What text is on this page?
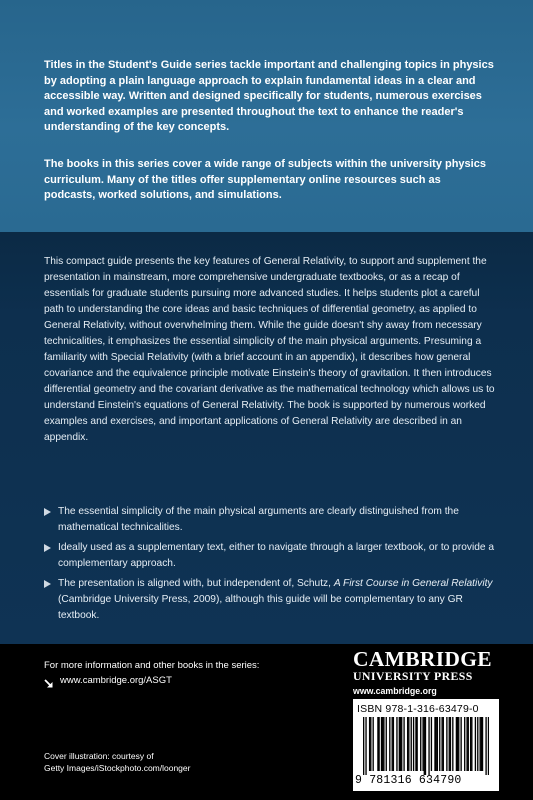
Titles in the Student's Guide series tackle important and challenging topics in physics by adopting a plain language approach to explain fundamental ideas in a clear and accessible way. Written and designed specifically for students, numerous exercises and worked examples are presented throughout the text to enhance the reader's understanding of the key concepts.

The books in this series cover a wide range of subjects within the university physics curriculum. Many of the titles offer supplementary online resources such as podcasts, worked solutions, and simulations.

This compact guide presents the key features of General Relativity, to support and supplement the presentation in mainstream, more comprehensive undergraduate textbooks, or as a recap of essentials for graduate students pursuing more advanced studies. It helps students plot a careful path to understanding the core ideas and basic techniques of differential geometry, as applied to General Relativity, without overwhelming them. While the guide doesn't shy away from necessary technicalities, it emphasizes the essential simplicity of the main physical arguments. Presuming a familiarity with Special Relativity (with a brief account in an appendix), it describes how general covariance and the equivalence principle motivate Einstein's theory of gravitation. It then introduces differential geometry and the covariant derivative as the mathematical technology which allows us to understand Einstein's equations of General Relativity. The book is supported by numerous worked examples and exercises, and important applications of General Relativity are described in an appendix.

The essential simplicity of the main physical arguments are clearly distinguished from the mathematical technicalities.
Ideally used as a supplementary text, either to navigate through a larger textbook, or to provide a complementary approach.
The presentation is aligned with, but independent of, Schutz, A First Course in General Relativity (Cambridge University Press, 2009), although this guide will be complementary to any GR textbook.
For more information and other books in the series:
www.cambridge.org/ASGT
Cover illustration: courtesy of
Getty Images/iStockphoto.com/loonger
CAMBRIDGE
UNIVERSITY PRESS
www.cambridge.org
ISBN 978-1-316-63479-0
9 781316 634790
